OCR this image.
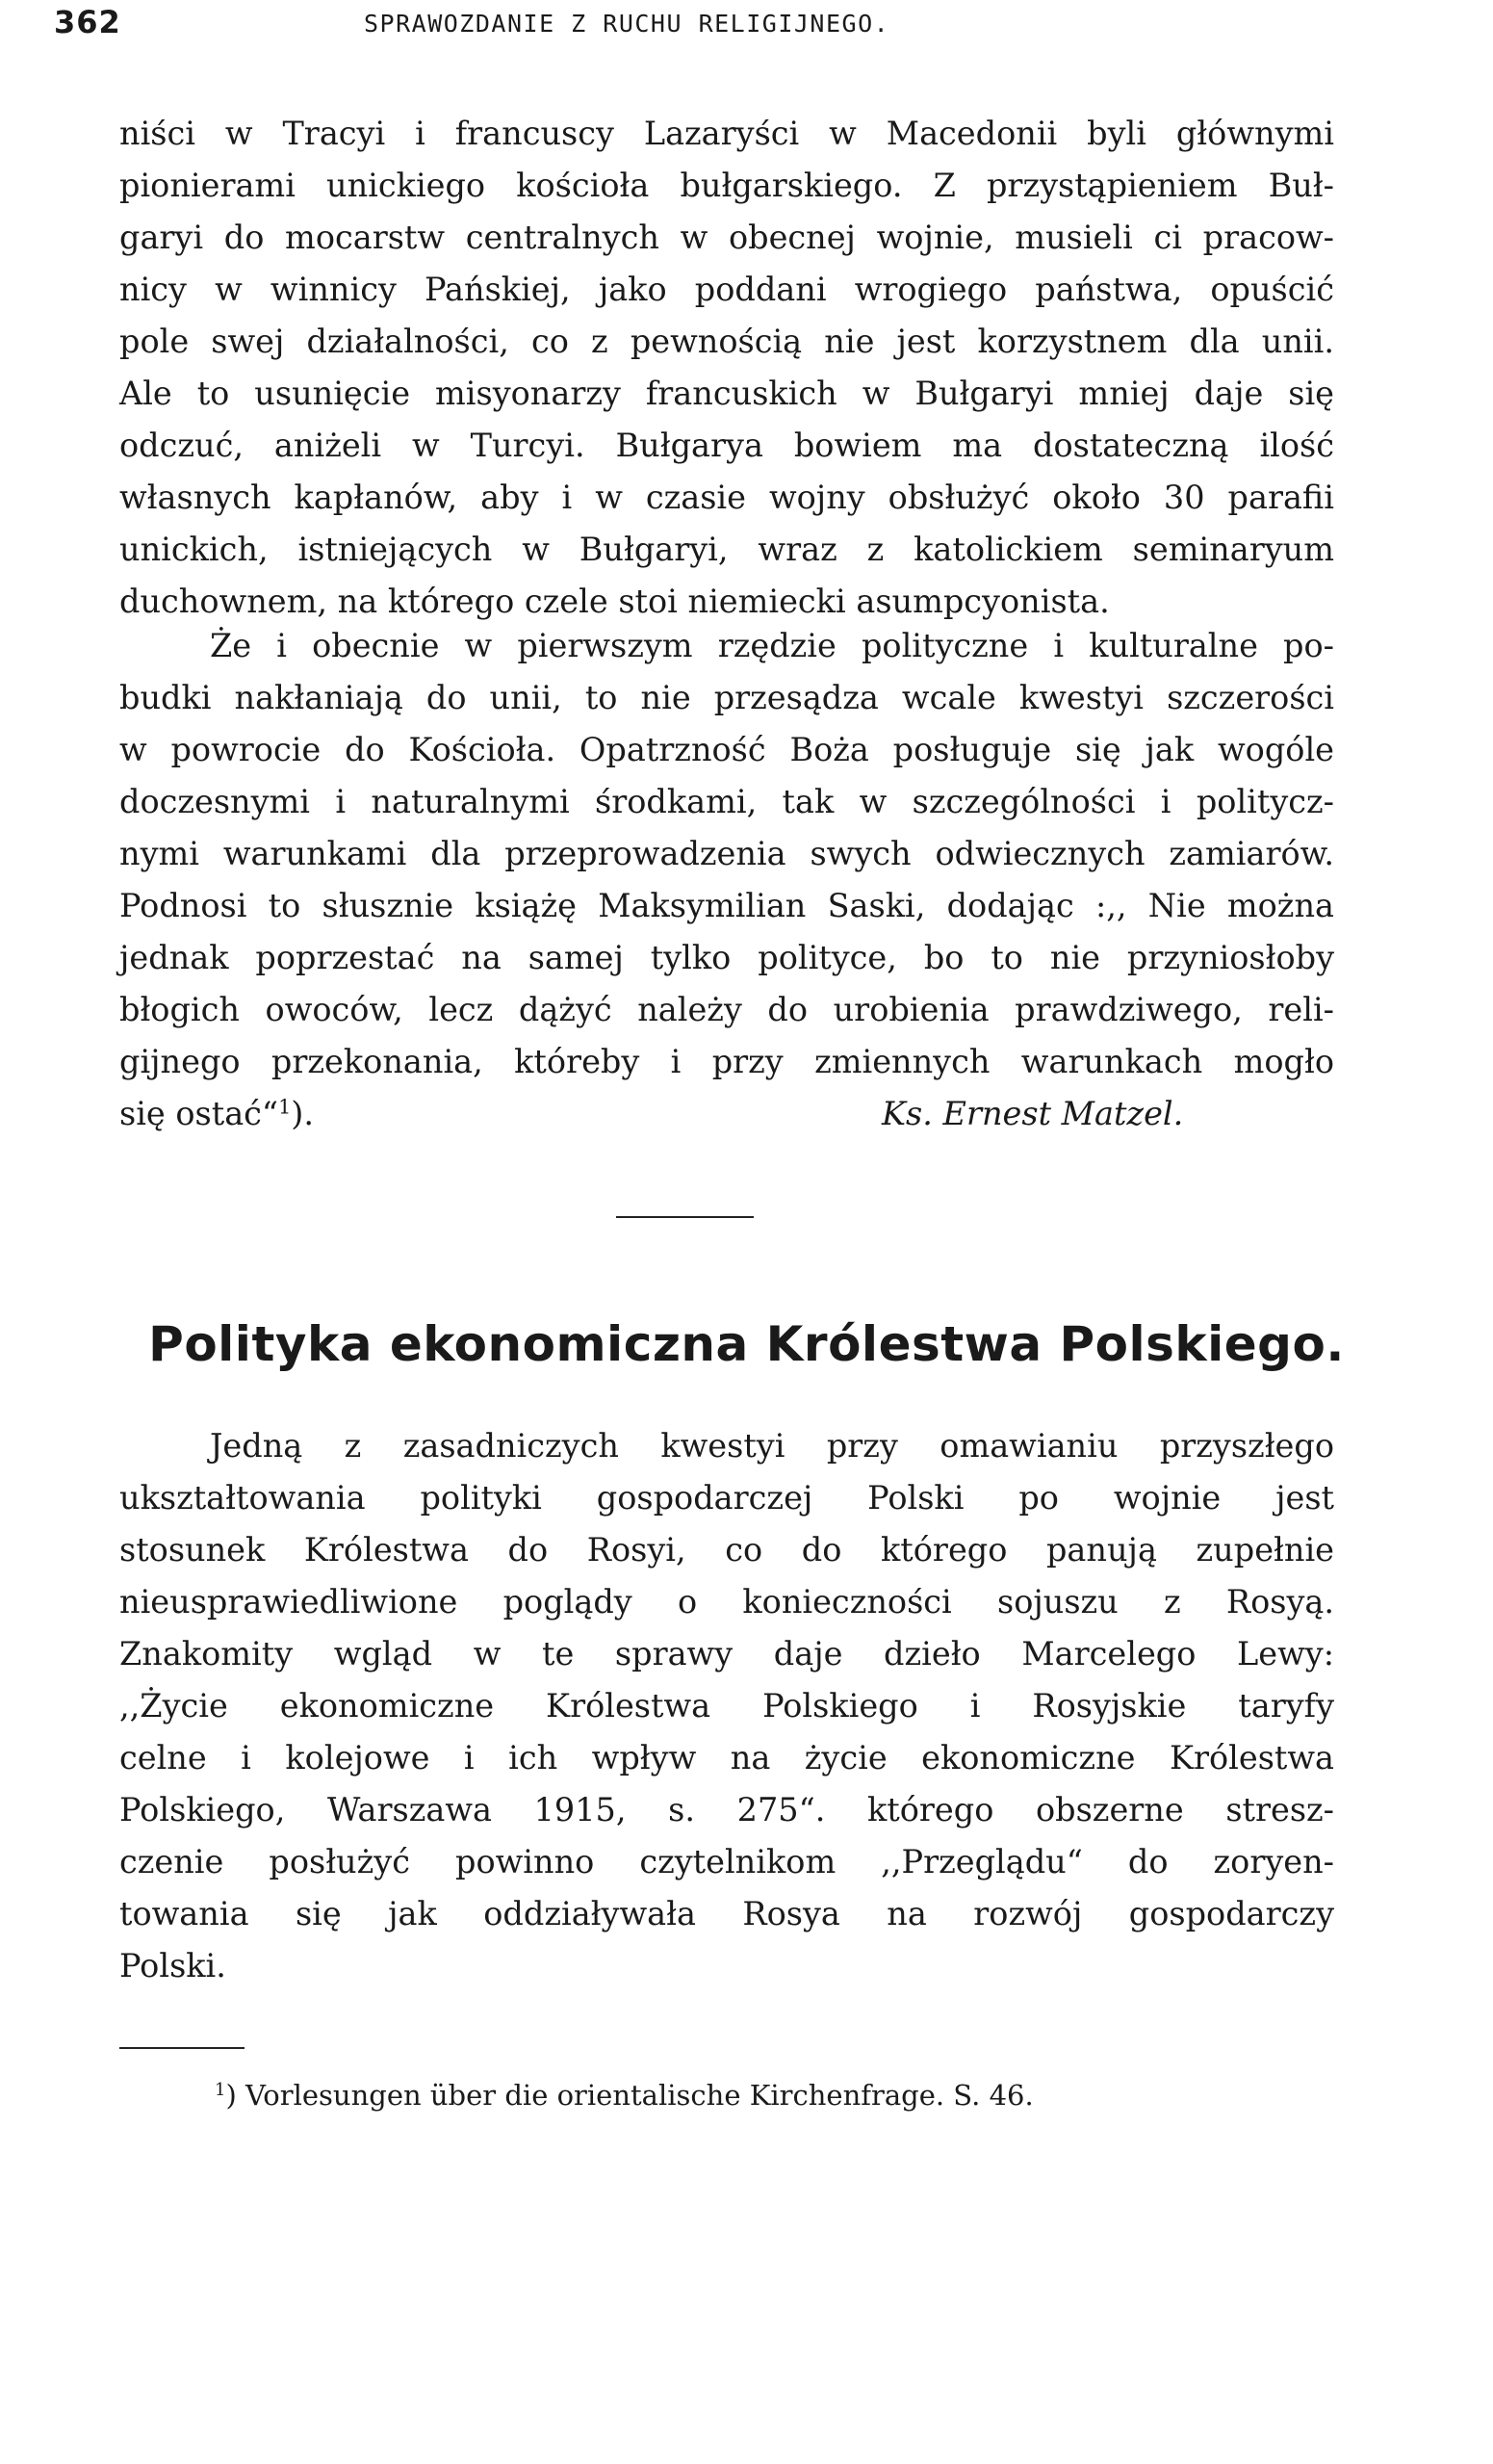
362	SPRAWOZDANIE Z RUCHU RELIGIJNEGO.
niści w Tracyi i francuscy Lazaryści w Macedonii byli głównymi
pionierami unickiego kościoła bułgarskiego. Z przystąpieniem Buł-
garyi do mocarstw centralnych w obecnej wojnie, musieli ci pracow-
nicy w winnicy Pańskiej, jako poddani wrogiego państwa, opuścić
pole swej działalności, co z pewnością nie jest korzystnem dla unii.
Ale to usunięcie misyonarzy francuskich w Bułgaryi mniej daje się
odczuć, aniżeli w Turcyi. Bułgarya bowiem ma dostateczną ilość
własnych kapłanów, aby i w czasie wojny obsłużyć około 30 parafii
unickich, istniejących w Bułgaryi, wraz z katolickiem seminaryum
duchownem, na którego czele stoi niemiecki asumpcyonista.
Że i obecnie w pierwszym rzędzie polityczne i kulturalne po-
budki nakłaniają do unii, to nie przesądza wcale kwestyi szczerości
w powrocie do Kościoła. Opatrzność Boża posługuje się jak wogóle
doczesnymi i naturalnymi środkami, tak w szczególności i politycz-
nymi warunkami dla przeprowadzenia swych odwiecznych zamiarów.
Podnosi to słusznie książę Maksymilian Saski, dodając :,, Nie można
jednak poprzestać na samej tylko polityce, bo to nie przyniosłoby
błogich owoców, lecz dążyć należy do urobienia prawdziwego, reli-
gijnego przekonania, któreby i przy zmiennych warunkach mogło
się ostać“$^1$).	Ks. Ernest Matzel.
Polityka ekonomiczna Królestwa Polskiego.
Jedną z zasadniczych kwestyi przy omawianiu przyszłego
ukształtowania polityki gospodarczej Polski po wojnie jest
stosunek Królestwa do Rosyi, co do którego panują zupełnie
nieusprawiedliwione poglądy o konieczności sojuszu z Rosyą.
Znakomity wgląd w te sprawy daje dzieło Marcelego Lewy:
,,Życie ekonomiczne Królestwa Polskiego i Rosyjskie taryfy
celne i kolejowe i ich wpływ na życie ekonomiczne Królestwa
Polskiego, Warszawa 1915, s. 275“. którego obszerne stresz-
czenie posłużyć powinno czytelnikom ,,Przeglądu“ do zoryen-
towania się jak oddziaływała Rosya na rozwój gospodarczy
Polski.
$^1$) Vorlesungen über die orientalische Kirchenfrage. S. 46.
